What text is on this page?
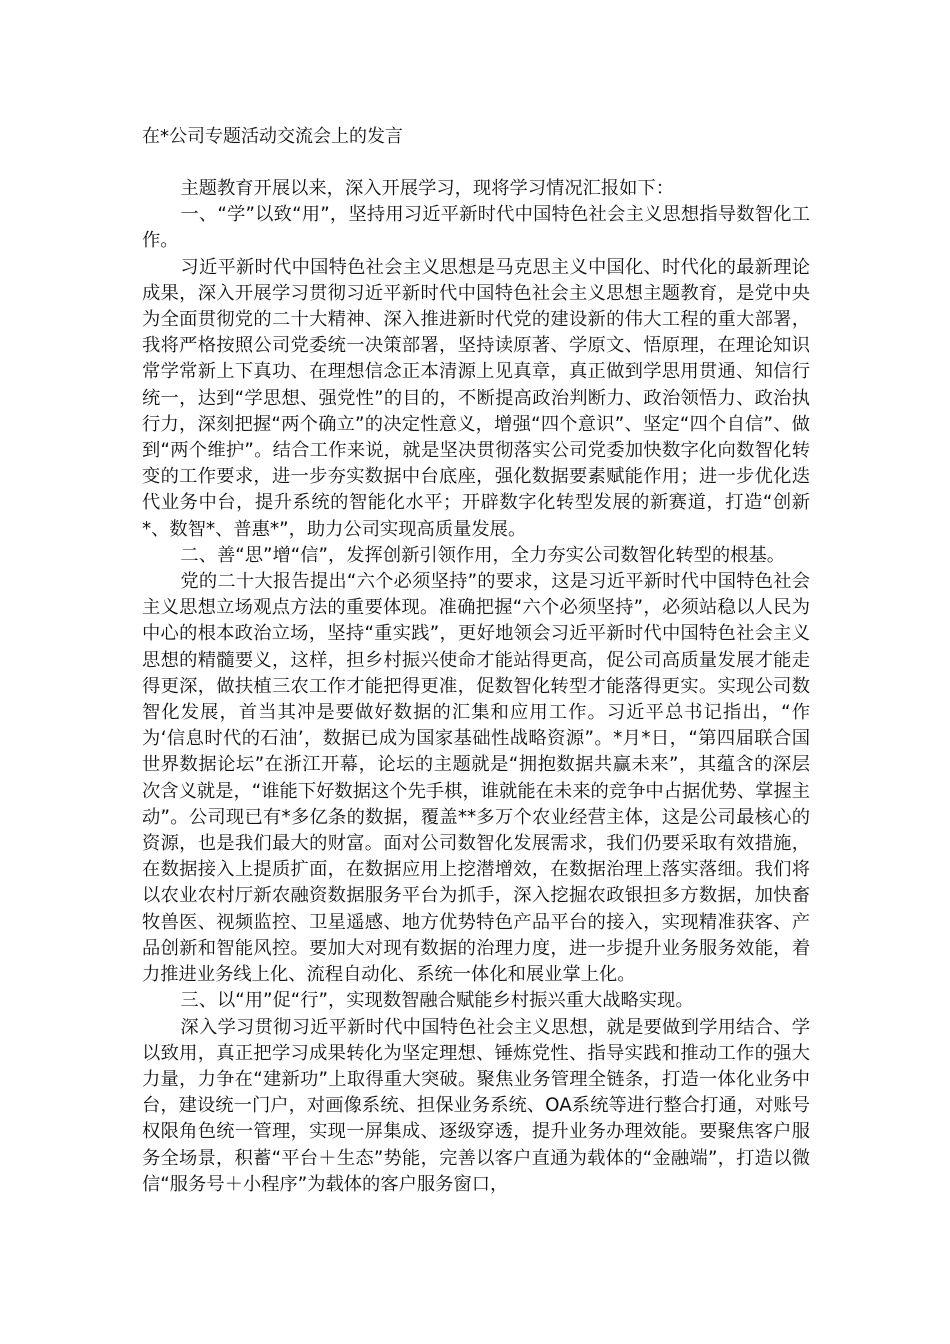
在*公司专题活动交流会上的发言

主题教育开展以来，深入开展学习，现将学习情况汇报如下：

一、“学”以致“用”，坚持用习近平新时代中国特色社会主义思想指导数智化工作。

习近平新时代中国特色社会主义思想是马克思主义中国化、时代化的最新理论成果，深入开展学习贯彻习近平新时代中国特色社会主义思想主题教育，是党中央为全面贯彻党的二十大精神、深入推进新时代党的建设新的伟大工程的重大部署，我将严格按照公司党委统一决策部署，坚持读原著、学原文、悟原理，在理论知识常学常新上下真功、在理想信念正本清源上见真章，真正做到学思用贯通、知信行统一，达到“学思想、强党性”的目的，不断提高政治判断力、政治领悟力、政治执行力，深刻把握“两个确立”的决定性意义，增强“四个意识”、坚定“四个自信”、做到“两个维护”。结合工作来说，就是坚决贯彻落实公司党委加快数字化向数智化转变的工作要求，进一步夯实数据中台底座，强化数据要素赋能作用；进一步优化迭代业务中台，提升系统的智能化水平；开辟数字化转型发展的新赛道，打造“创新*、数智*、普惠*”，助力公司实现高质量发展。

二、善“思”增“信”，发挥创新引领作用，全力夯实公司数智化转型的根基。

党的二十大报告提出“六个必须坚持”的要求，这是习近平新时代中国特色社会主义思想立场观点方法的重要体现。准确把握“六个必须坚持”，必须站稳以人民为中心的根本政治立场，坚持“重实践”，更好地领会习近平新时代中国特色社会主义思想的精髓要义，这样，担乡村振兴使命才能站得更高，促公司高质量发展才能走得更深，做扶植三农工作才能把得更准，促数智化转型才能落得更实。实现公司数智化发展，首当其冲是要做好数据的汇集和应用工作。习近平总书记指出，“作为‘信息时代的石油’，数据已成为国家基础性战略资源”。*月*日，“第四届联合国世界数据论坛”在浙江开幕，论坛的主题就是“拥抱数据共赢未来”，其蕴含的深层次含义就是，“谁能下好数据这个先手棋，谁就能在未来的竞争中占据优势、掌握主动”。公司现已有*多亿条的数据，覆盖**多万个农业经营主体，这是公司最核心的资源，也是我们最大的财富。面对公司数智化发展需求，我们仍要采取有效措施，在数据接入上提质扩面，在数据应用上挖潜增效，在数据治理上落实落细。我们将以农业农村厅新农融资数据服务平台为抓手，深入挖掘农政银担多方数据，加快畜牧兽医、视频监控、卫星遥感、地方优势特色产品平台的接入，实现精准获客、产品创新和智能风控。要加大对现有数据的治理力度，进一步提升业务服务效能，着力推进业务线上化、流程自动化、系统一体化和展业掌上化。

三、以“用”促“行”，实现数智融合赋能乡村振兴重大战略实现。

深入学习贯彻习近平新时代中国特色社会主义思想，就是要做到学用结合、学以致用，真正把学习成果转化为坚定理想、锤炼党性、指导实践和推动工作的强大力量，力争在“建新功”上取得重大突破。聚焦业务管理全链条，打造一体化业务中台，建设统一门户，对画像系统、担保业务系统、OA系统等进行整合打通，对账号权限角色统一管理，实现一屏集成、逐级穿透，提升业务办理效能。要聚焦客户服务全场景，积蓄“平台＋生态”势能，完善以客户直通为载体的“金融端”，打造以微信“服务号＋小程序”为载体的客户服务窗口，
